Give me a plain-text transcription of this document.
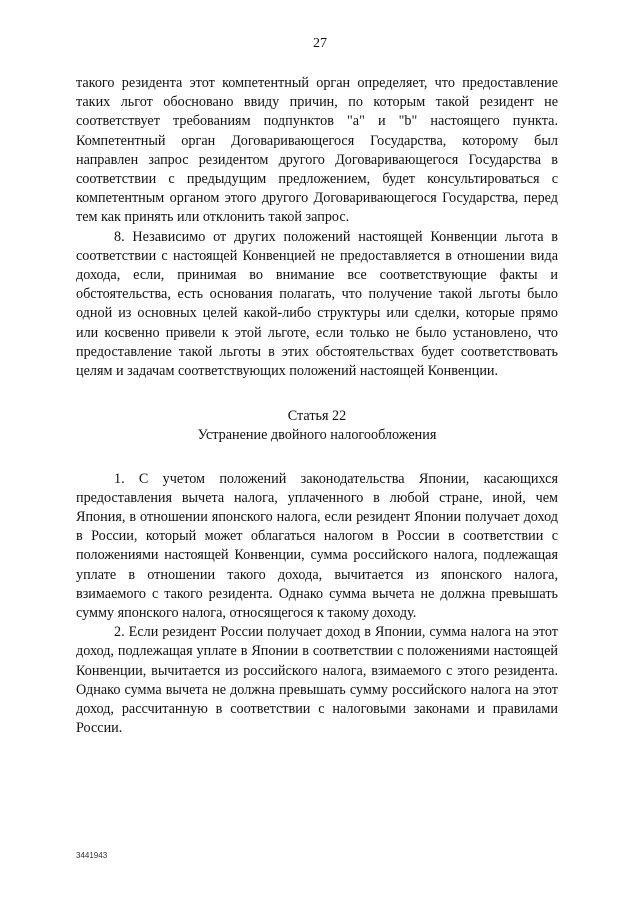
27

такого резидента этот компетентный орган определяет, что предоставление таких льгот обосновано ввиду причин, по которым такой резидент не соответствует требованиям подпунктов "a" и "b" настоящего пункта. Компетентный орган Договаривающегося Государства, которому был направлен запрос резидентом другого Договаривающегося Государства в соответствии с предыдущим предложением, будет консультироваться с компетентным органом этого другого Договаривающегося Государства, перед тем как принять или отклонить такой запрос.

8. Независимо от других положений настоящей Конвенции льгота в соответствии с настоящей Конвенцией не предоставляется в отношении вида дохода, если, принимая во внимание все соответствующие факты и обстоятельства, есть основания полагать, что получение такой льготы было одной из основных целей какой-либо структуры или сделки, которые прямо или косвенно привели к этой льготе, если только не было установлено, что предоставление такой льготы в этих обстоятельствах будет соответствовать целям и задачам соответствующих положений настоящей Конвенции.

Статья 22
Устранение двойного налогообложения

1. С учетом положений законодательства Японии, касающихся предоставления вычета налога, уплаченного в любой стране, иной, чем Япония, в отношении японского налога, если резидент Японии получает доход в России, который может облагаться налогом в России в соответствии с положениями настоящей Конвенции, сумма российского налога, подлежащая уплате в отношении такого дохода, вычитается из японского налога, взимаемого с такого резидента. Однако сумма вычета не должна превышать сумму японского налога, относящегося к такому доходу.

2. Если резидент России получает доход в Японии, сумма налога на этот доход, подлежащая уплате в Японии в соответствии с положениями настоящей Конвенции, вычитается из российского налога, взимаемого с этого резидента. Однако сумма вычета не должна превышать сумму российского налога на этот доход, рассчитанную в соответствии с налоговыми законами и правилами России.

3441943
